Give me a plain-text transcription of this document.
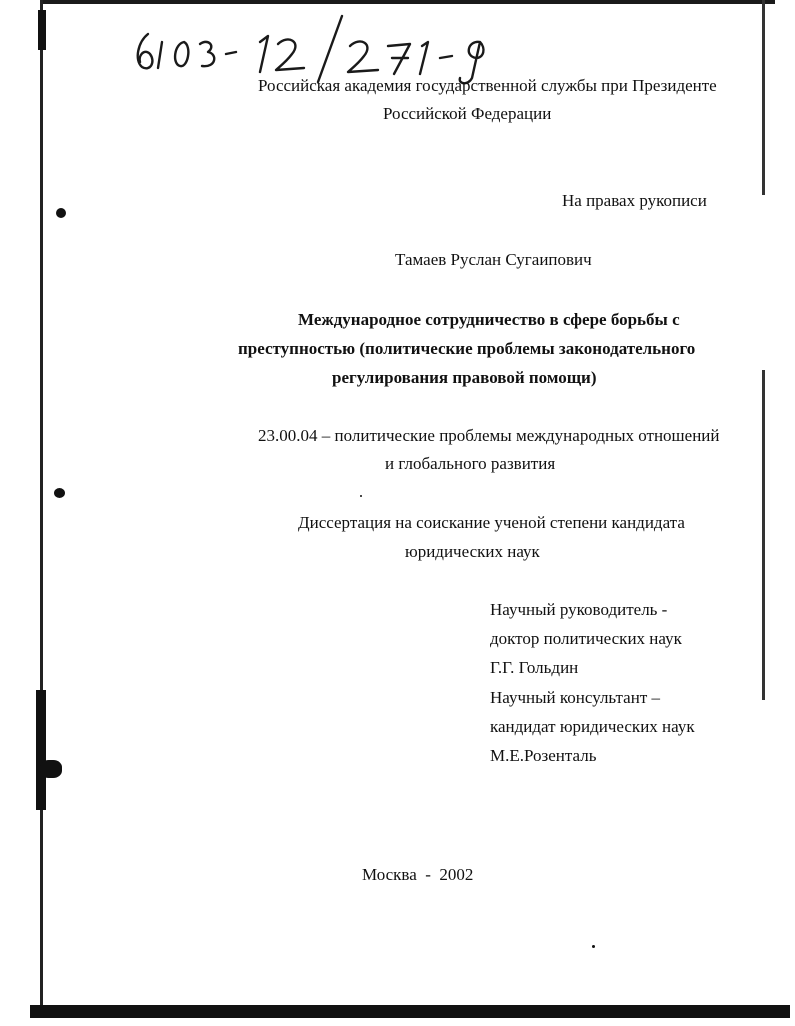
6103-12/271-9
Российская академия государственной службы при Президенте
Российской Федерации
На правах рукописи
Тамаев Руслан Сугаипович
Международное сотрудничество в сфере борьбы с
преступностью (политические проблемы законодательного
регулирования правовой помощи)
23.00.04 – политические проблемы международных отношений
и глобального развития
Диссертация на соискание ученой степени кандидата
юридических наук
Научный руководитель -
доктор политических наук
Г.Г. Гольдин
Научный консультант –
кандидат юридических наук
М.Е.Розенталь
Москва  -  2002
